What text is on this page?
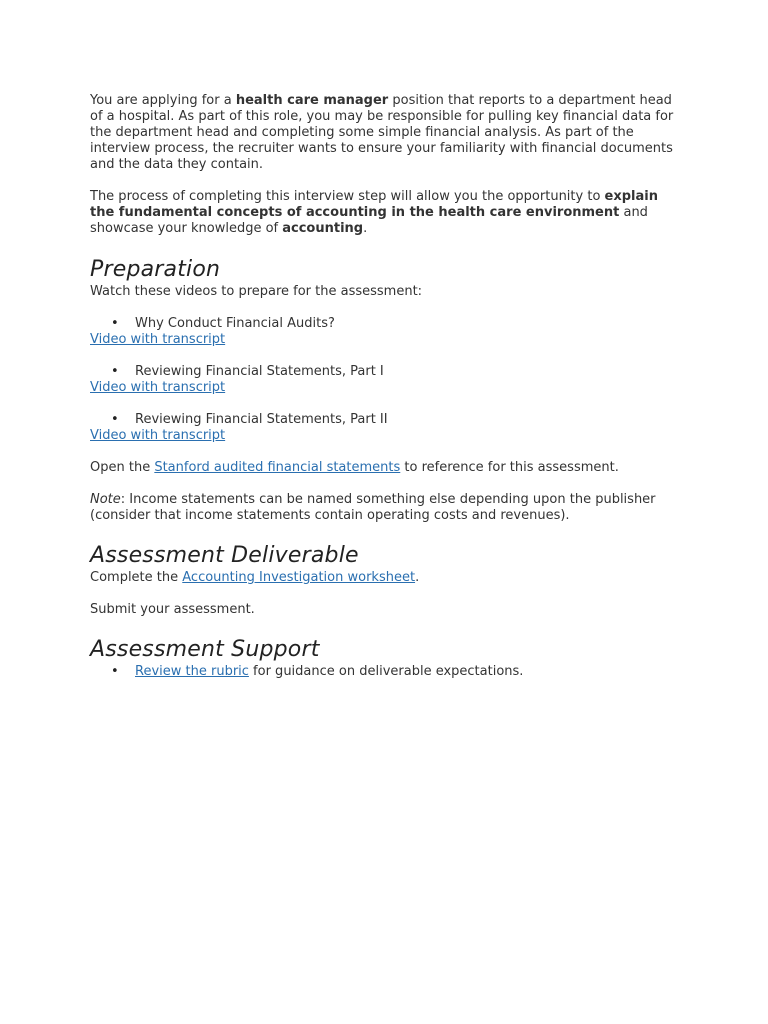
You are applying for a health care manager position that reports to a department head of a hospital. As part of this role, you may be responsible for pulling key financial data for the department head and completing some simple financial analysis. As part of the interview process, the recruiter wants to ensure your familiarity with financial documents and the data they contain.

The process of completing this interview step will allow you the opportunity to explain the fundamental concepts of accounting in the health care environment and showcase your knowledge of accounting.

Preparation

Watch these videos to prepare for the assessment:

• Why Conduct Financial Audits?
Video with transcript
• Reviewing Financial Statements, Part I
Video with transcript
• Reviewing Financial Statements, Part II
Video with transcript

Open the Stanford audited financial statements to reference for this assessment.

Note: Income statements can be named something else depending upon the publisher (consider that income statements contain operating costs and revenues).

Assessment Deliverable

Complete the Accounting Investigation worksheet.

Submit your assessment.

Assessment Support
• Review the rubric for guidance on deliverable expectations.
